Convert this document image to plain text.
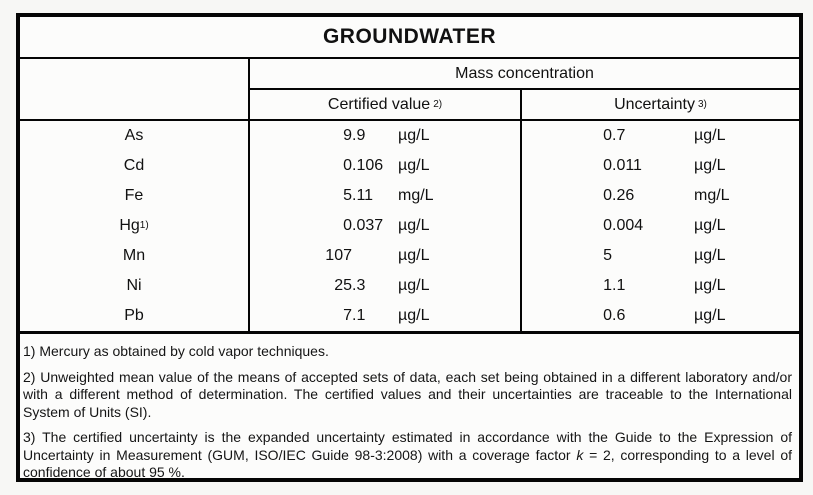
GROUNDWATER
Mass concentration
Certified value 2)	Uncertainty 3)
As	9 .9 µg/L	0 .7	µg/L
Cd	0 .106 µg/L	0 .011	µg/L
Fe	5 .11 mg/L	0 .26	mg/L
Hg 1)	0 .037 µg/L	0 .004	µg/L
Mn	107	µg/L	5	µg/L
Ni	25 .3 µg/L	1 .1	µg/L
Pb	7 .1 µg/L	0 .6	µg/L

1) Mercury as obtained by cold vapor techniques.

2) Unweighted mean value of the means of accepted sets of data, each set being obtained in a different laboratory and/or with a different method of determination. The certified values and their uncertainties are traceable to the International System of Units (SI).

3) The certified uncertainty is the expanded uncertainty estimated in accordance with the Guide to the Expression of Uncertainty in Measurement (GUM, ISO/IEC Guide 98-3:2008) with a coverage factor k = 2, corresponding to a level of confidence of about 95 %.
